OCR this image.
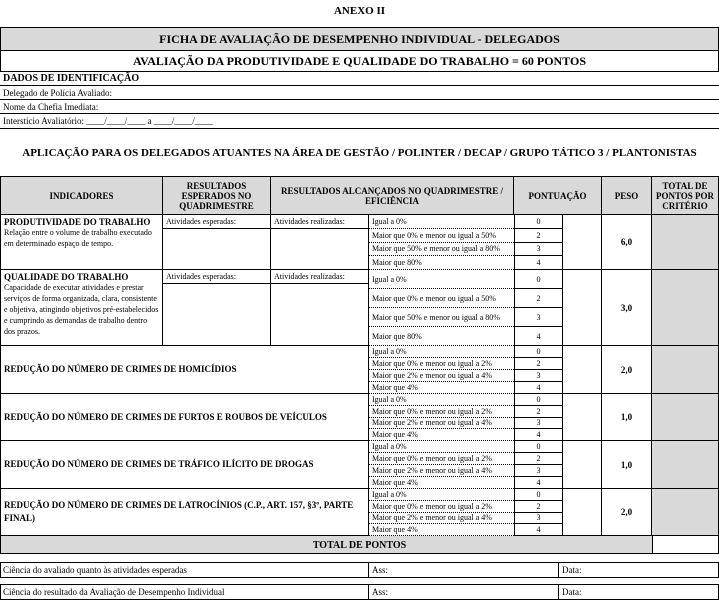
ANEXO II
FICHA DE AVALIAÇÃO DE DESEMPENHO INDIVIDUAL - DELEGADOS
AVALIAÇÃO DA PRODUTIVIDADE E QUALIDADE DO TRABALHO = 60 PONTOS
DADOS DE IDENTIFICAÇÃO
Delegado de Polícia Avaliado:
Nome da Chefia Imediata:
Interstício Avaliatório: ____/____/____ a ____/____/____
APLICAÇÃO PARA OS DELEGADOS ATUANTES NA ÁREA DE GESTÃO / POLINTER / DECAP / GRUPO TÁTICO 3 / PLANTONISTAS
INDICADORES
RESULTADOS ESPERADOS NO QUADRIMESTRE
RESULTADOS ALCANÇADOS NO QUADRIMESTRE / EFICIÊNCIA	PONTUAÇÃO	PESO
TOTAL DE PONTOS POR CRITÉRIO
PRODUTIVIDADE DO TRABALHO
Relação entre o volume de trabalho executado em determinado espaço de tempo.
Atividades esperadas:	Atividades realizadas:	Igual a 0%	0
Maior que 0% e menor ou igual a 50%	2
Maior que 50% e menor ou igual a 80%	3
Maior que 80%	4
6,0
QUALIDADE DO TRABALHO
Capacidade de executar atividades e prestar serviços de forma organizada, clara, consistente e objetiva, atingindo objetivos pré-estabelecidos e cumprindo as demandas de trabalho dentro dos prazos.
Atividades esperadas:	Atividades realizadas:	Igual a 0%	0
Maior que 0% e menor ou igual a 50%	2
Maior que 50% e menor ou igual a 80%	3
Maior que 80%	4
3,0
REDUÇÃO DO NÚMERO DE CRIMES DE HOMICÍDIOS
Igual a 0%	0
Maior que 0% e menor ou igual a 2%	2
Maior que 2% e menor ou igual a 4%	3
Maior que 4%	4
2,0
REDUÇÃO DO NÚMERO DE CRIMES DE FURTOS E ROUBOS DE VEÍCULOS
Igual a 0%	0
Maior que 0% e menor ou igual a 2%	2
Maior que 2% e menor ou igual a 4%	3
Maior que 4%	4
1,0
REDUÇÃO DO NÚMERO DE CRIMES DE TRÁFICO ILÍCITO DE DROGAS
Igual a 0%	0
Maior que 0% e menor ou igual a 2%	2
Maior que 2% e menor ou igual a 4%	3
Maior que 4%	4
1,0
REDUÇÃO DO NÚMERO DE CRIMES DE LATROCÍNIOS (C.P., ART. 157, §3º, PARTE FINAL)
Igual a 0%	0
Maior que 0% e menor ou igual a 2%	2
Maior que 2% e menor ou igual a 4%	3
Maior que 4%	4
2,0
TOTAL DE PONTOS
Ciência do avaliado quanto às atividades esperadas	Ass:	Data:
Ciência do resultado da Avaliação de Desempenho Individual	Ass:	Data:
